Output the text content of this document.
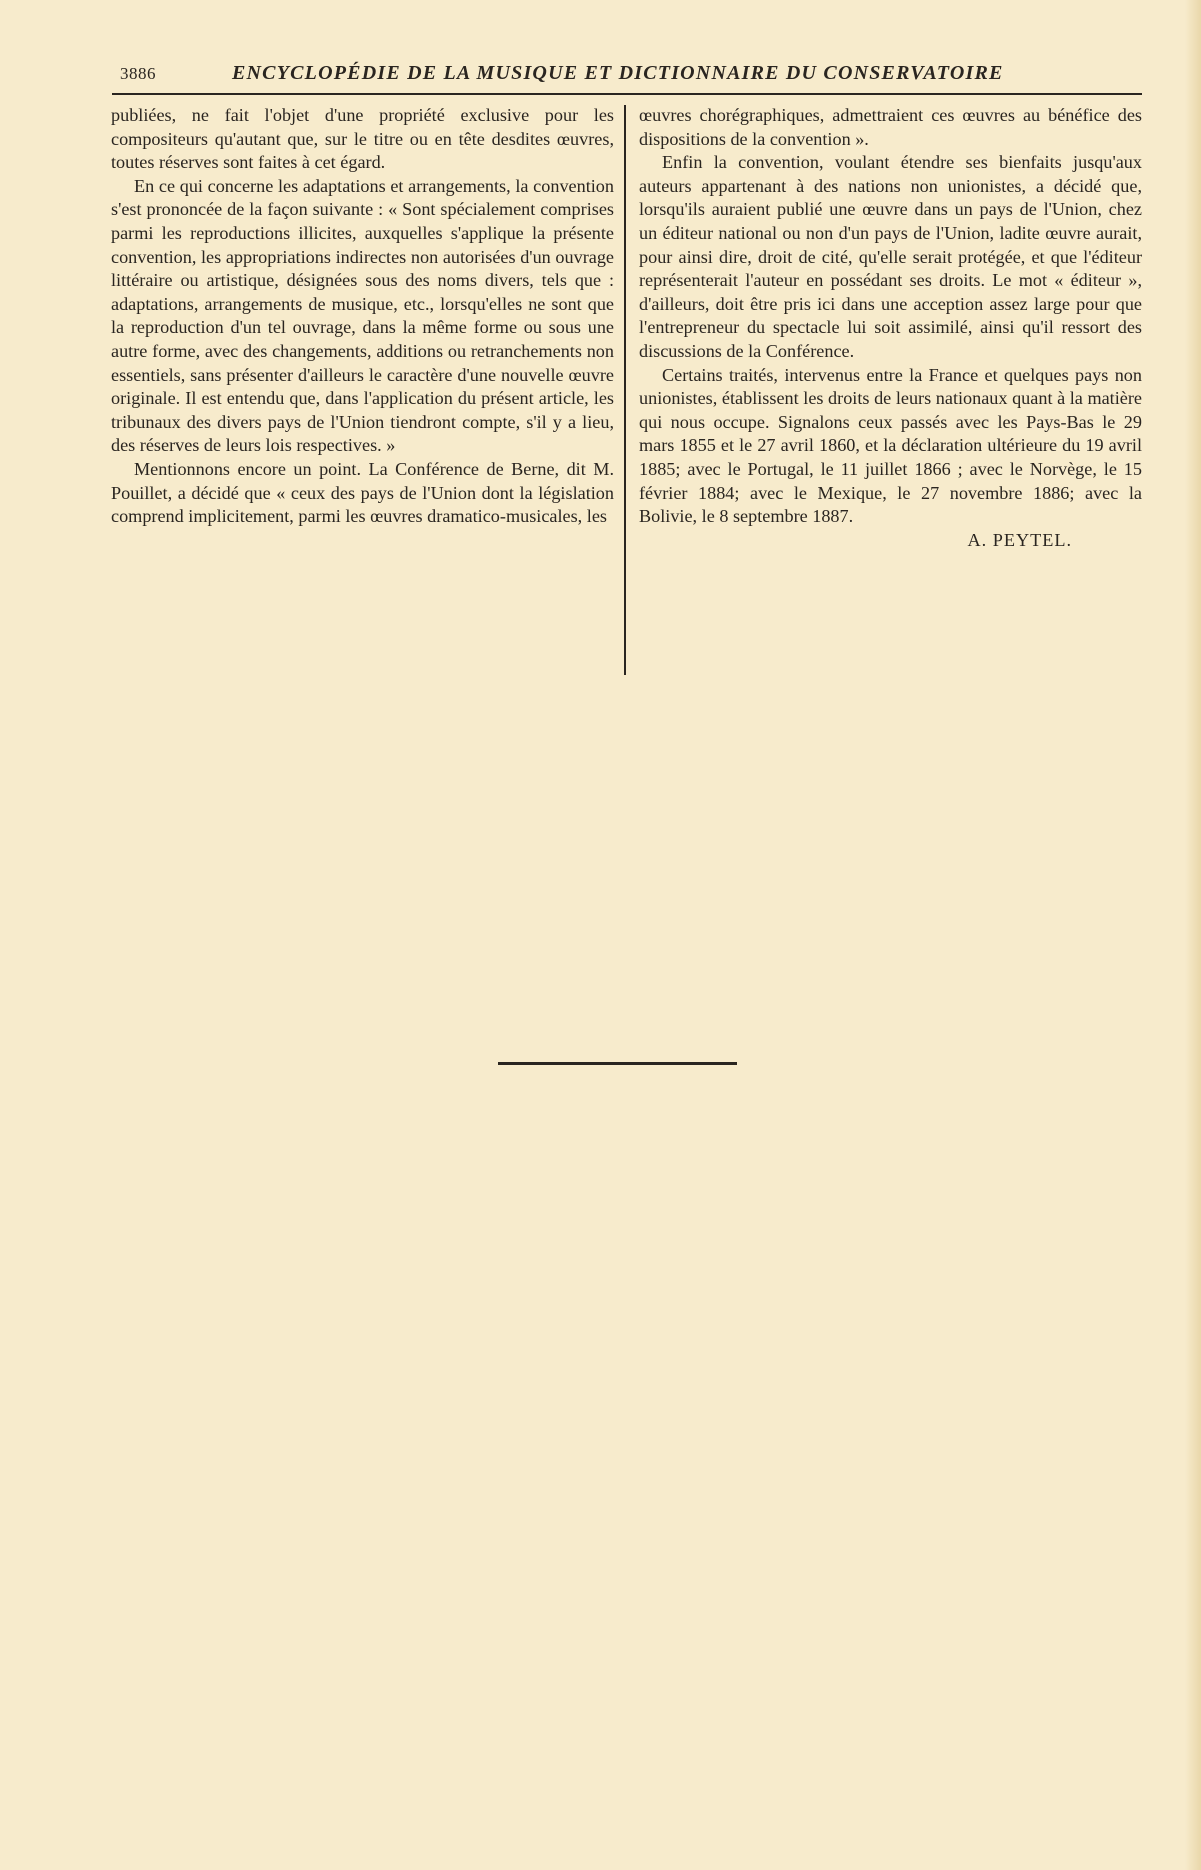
3886	ENCYCLOPÉDIE DE LA MUSIQUE ET DICTIONNAIRE DU CONSERVATOIRE

publiées, ne fait l'objet d'une propriété exclusive pour les compositeurs qu'autant que, sur le titre ou en tête desdites œuvres, toutes réserves sont faites à cet égard.

En ce qui concerne les adaptations et arrangements, la convention s'est prononcée de la façon suivante : « Sont spécialement comprises parmi les reproductions illicites, auxquelles s'applique la présente convention, les appropriations indirectes non autorisées d'un ouvrage littéraire ou artistique, désignées sous des noms divers, tels que : adaptations, arrangements de musique, etc., lorsqu'elles ne sont que la reproduction d'un tel ouvrage, dans la même forme ou sous une autre forme, avec des changements, additions ou retranchements non essentiels, sans présenter d'ailleurs le caractère d'une nouvelle œuvre originale. Il est entendu que, dans l'application du présent article, les tribunaux des divers pays de l'Union tiendront compte, s'il y a lieu, des réserves de leurs lois respectives. »

Mentionnons encore un point. La Conférence de Berne, dit M. Pouillet, a décidé que « ceux des pays de l'Union dont la législation comprend implicitement, parmi les œuvres dramatico-musicales, les

œuvres chorégraphiques, admettraient ces œuvres au bénéfice des dispositions de la convention ».

Enfin la convention, voulant étendre ses bienfaits jusqu'aux auteurs appartenant à des nations non unionistes, a décidé que, lorsqu'ils auraient publié une œuvre dans un pays de l'Union, chez un éditeur national ou non d'un pays de l'Union, ladite œuvre aurait, pour ainsi dire, droit de cité, qu'elle serait protégée, et que l'éditeur représenterait l'auteur en possédant ses droits. Le mot « éditeur », d'ailleurs, doit être pris ici dans une acception assez large pour que l'entrepreneur du spectacle lui soit assimilé, ainsi qu'il ressort des discussions de la Conférence.

Certains traités, intervenus entre la France et quelques pays non unionistes, établissent les droits de leurs nationaux quant à la matière qui nous occupe. Signalons ceux passés avec les Pays-Bas le 29 mars 1855 et le 27 avril 1860, et la déclaration ultérieure du 19 avril 1885; avec le Portugal, le 11 juillet 1866 ; avec le Norvège, le 15 février 1884; avec le Mexique, le 27 novembre 1886; avec la Bolivie, le 8 septembre 1887.

A. PEYTEL.
